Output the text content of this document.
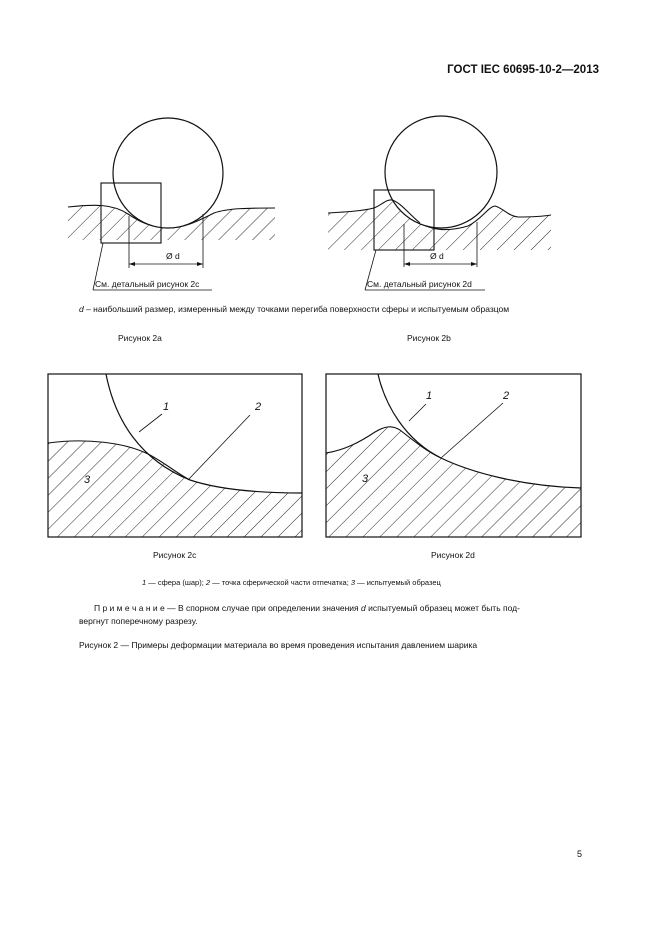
ГОСТ IEC 60695-10-2—2013
Ø d
См. детальный рисунок 2с
Ø d
См. детальный рисунок 2d
d – наибольший размер, измеренный между точками перегиба поверхности сферы и испытуемым образцом
Рисунок 2a	Рисунок 2b
1	2
3
1	2
3
Рисунок 2c	Рисунок 2d
1 — сфера (шар); 2 — точка сферической части отпечатка; 3 — испытуемый образец
П р и м е ч а н и е — В спорном случае при определении значения d испытуемый образец может быть под-
вергнут поперечному разрезу.
Рисунок 2 — Примеры деформации материала во время проведения испытания давлением шарика
5
